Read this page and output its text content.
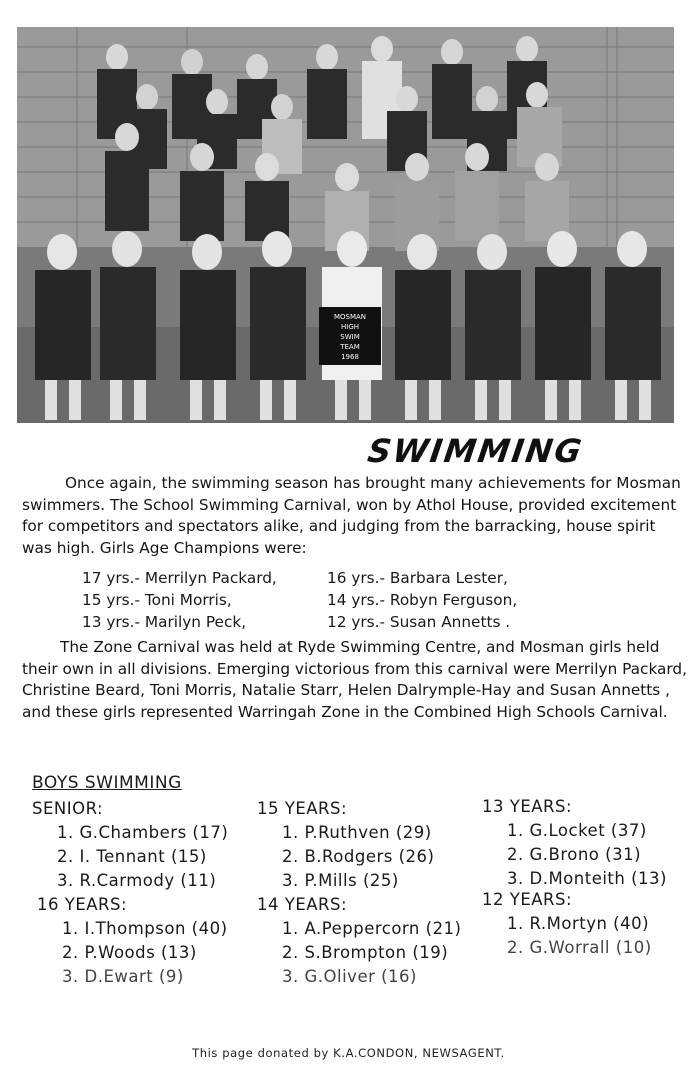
MOSMAN
HIGH
SWIM
TEAM
1968
SWIMMING

Once again, the swimming season has brought many achievements for Mosman swimmers. The School Swimming Carnival, won by Athol House, provided excitement for competitors and spectators alike, and judging from the barracking, house spirit was high. Girls Age Champions were:

17 yrs.- Merrilyn Packard,	16 yrs.- Barbara Lester,
15 yrs.- Toni Morris,	14 yrs.- Robyn Ferguson,
13 yrs.- Marilyn Peck,	12 yrs.- Susan Annetts .

The Zone Carnival was held at Ryde Swimming Centre, and Mosman girls held their own in all divisions. Emerging victorious from this carnival were Merrilyn Packard, Christine Beard, Toni Morris, Natalie Starr, Helen Dalrymple-Hay and Susan Annetts , and these girls represented Warringah Zone in the Combined High Schools Carnival.

BOYS SWIMMING
SENIOR:
1. G.Chambers (17)
2. I. Tennant (15)
3. R.Carmody (11)
16 YEARS:
1. I.Thompson (40)
2. P.Woods (13)
3. D.Ewart (9)
15 YEARS:
1. P.Ruthven (29)
2. B.Rodgers (26)
3. P.Mills (25)
14 YEARS:
1. A.Peppercorn (21)
2. S.Brompton (19)
3. G.Oliver (16)
13 YEARS:
1. G.Locket (37)
2. G.Brono (31)
3. D.Monteith (13)
12 YEARS:
1. R.Mortyn (40)
2. G.Worrall (10)
This page donated by K.A.CONDON, NEWSAGENT.
